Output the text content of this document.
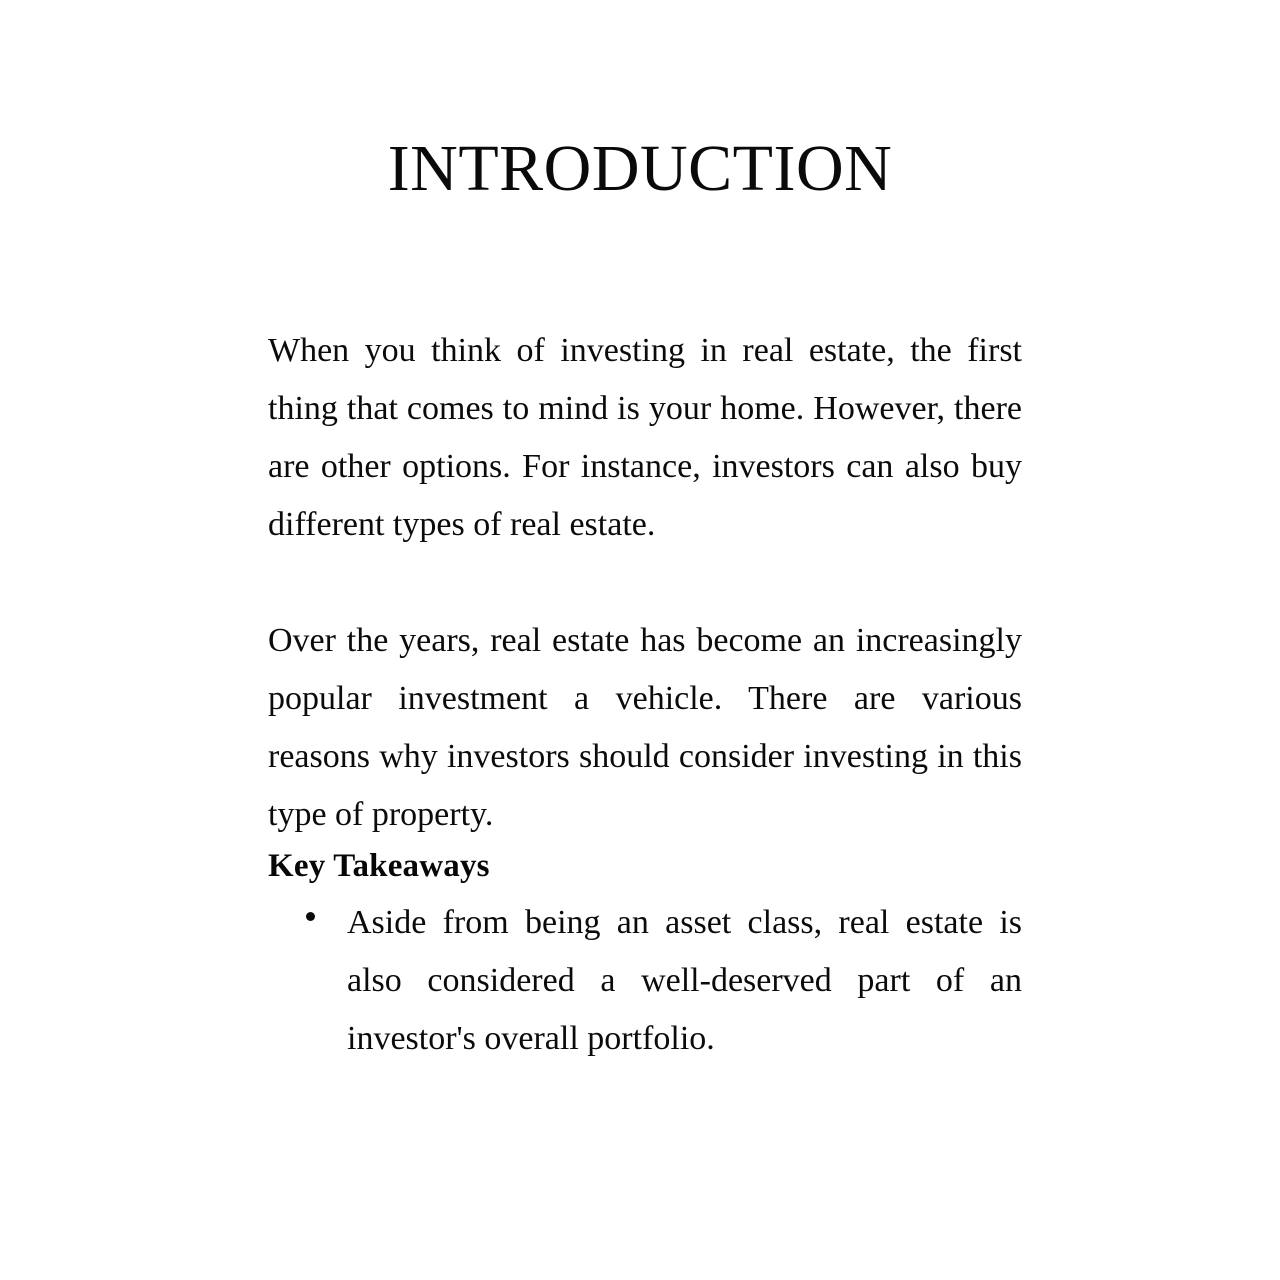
INTRODUCTION

When you think of investing in real estate, the first thing that comes to mind is your home. However, there are other options. For instance, investors can also buy different types of real estate.

Over the years, real estate has become an increasingly popular investment a vehicle. There are various reasons why investors should consider investing in this type of property.

Key Takeaways
Aside from being an asset class, real estate is also considered a well-deserved part of an investor's overall portfolio.
